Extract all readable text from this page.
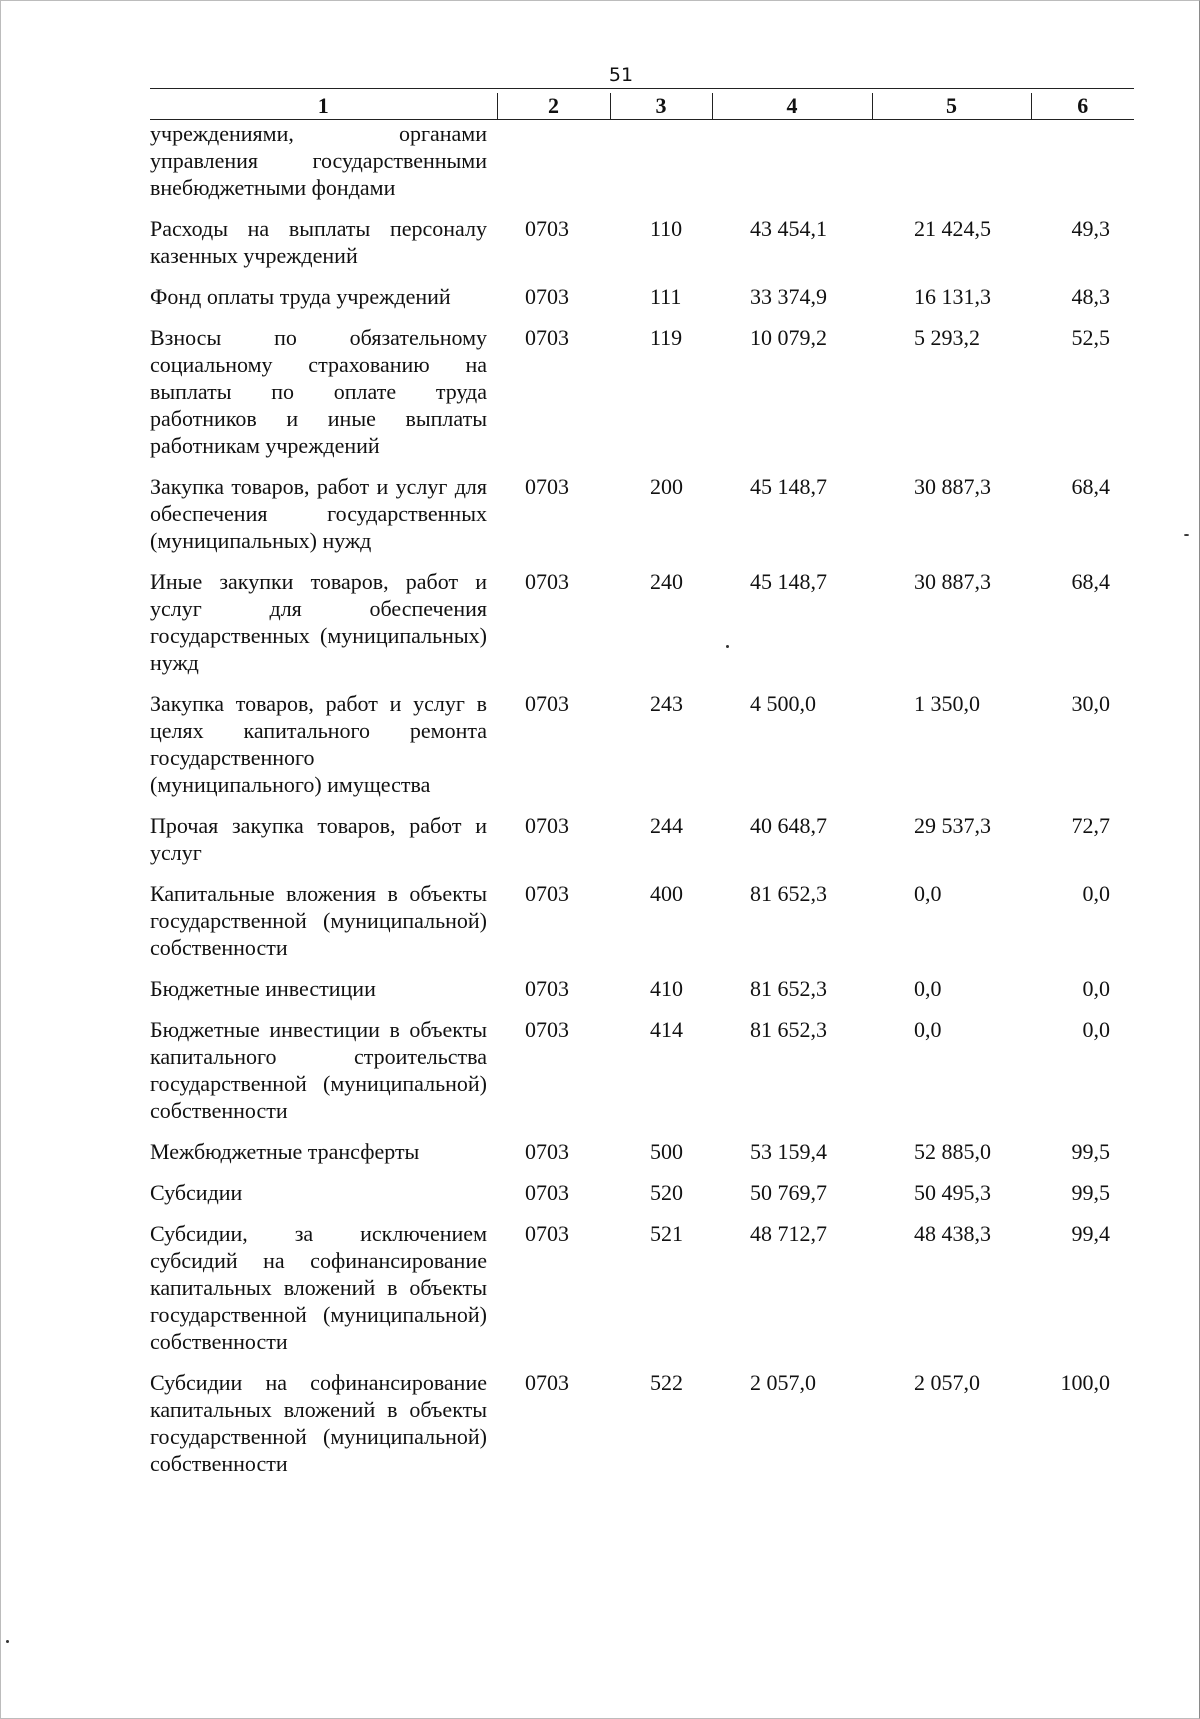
51
1	2	3	4	5	6
учреждениями, органами управления государственными внебюджетными фондами					
Расходы на выплаты персоналу казенных учреждений	0703	110	43 454,1	21 424,5	49,3
Фонд оплаты труда учреждений	0703	111	33 374,9	16 131,3	48,3
Взносы по обязательному социальному страхованию на выплаты по оплате труда работников и иные выплаты работникам учреждений	0703	119	10 079,2	5 293,2	52,5
Закупка товаров, работ и услуг для обеспечения государственных (муниципальных) нужд	0703	200	45 148,7	30 887,3	68,4
Иные закупки товаров, работ и услуг для обеспечения государственных (муниципальных) нужд	0703	240	45 148,7	30 887,3	68,4
Закупка товаров, работ и услуг в целях капитального ремонта государственного (муниципального) имущества	0703	243	4 500,0	1 350,0	30,0
Прочая закупка товаров, работ и услуг	0703	244	40 648,7	29 537,3	72,7
Капитальные вложения в объекты государственной (муниципальной) собственности	0703	400	81 652,3	0,0	0,0
Бюджетные инвестиции	0703	410	81 652,3	0,0	0,0
Бюджетные инвестиции в объекты капитального строительства государственной (муниципальной) собственности	0703	414	81 652,3	0,0	0,0
Межбюджетные трансферты	0703	500	53 159,4	52 885,0	99,5
Субсидии	0703	520	50 769,7	50 495,3	99,5
Субсидии, за исключением субсидий на софинансирование капитальных вложений в объекты государственной (муниципальной) собственности	0703	521	48 712,7	48 438,3	99,4
Субсидии на софинансирование капитальных вложений в объекты государственной (муниципальной) собственности	0703	522	2 057,0	2 057,0	100,0
